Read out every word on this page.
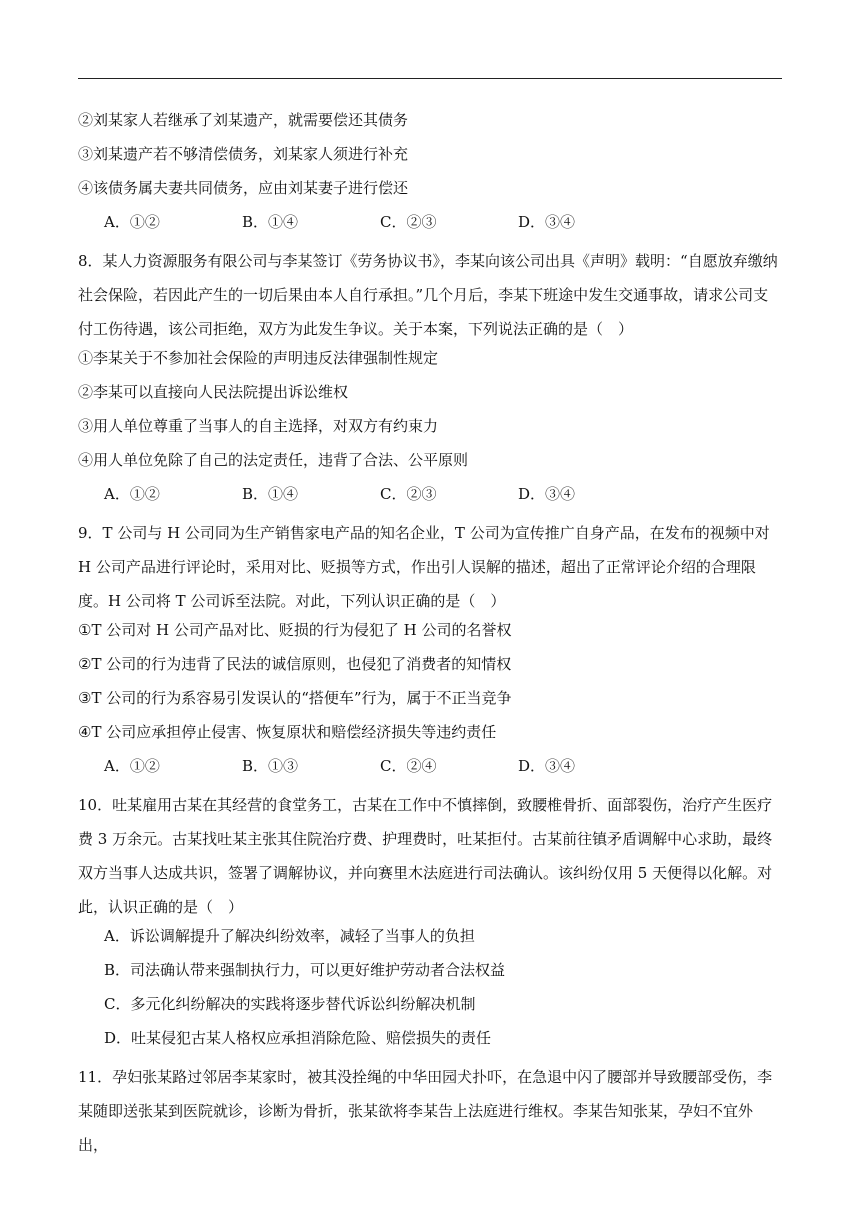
②刘某家人若继承了刘某遗产，就需要偿还其债务
③刘某遗产若不够清偿债务，刘某家人须进行补充
④该债务属夫妻共同债务，应由刘某妻子进行偿还
A．①②	B．①④	C．②③	D．③④

8．某人力资源服务有限公司与李某签订《劳务协议书》，李某向该公司出具《声明》载明：“自愿放弃缴纳社会保险，若因此产生的一切后果由本人自行承担。”几个月后，李某下班途中发生交通事故，请求公司支付工伤待遇，该公司拒绝，双方为此发生争议。关于本案，下列说法正确的是（　）

①李某关于不参加社会保险的声明违反法律强制性规定
②李某可以直接向人民法院提出诉讼维权
③用人单位尊重了当事人的自主选择，对双方有约束力
④用人单位免除了自己的法定责任，违背了合法、公平原则
A．①②	B．①④	C．②③	D．③④

9．T 公司与 H 公司同为生产销售家电产品的知名企业，T 公司为宣传推广自身产品，在发布的视频中对 H 公司产品进行评论时，采用对比、贬损等方式，作出引人误解的描述，超出了正常评论介绍的合理限度。H 公司将 T 公司诉至法院。对此，下列认识正确的是（　）

①T 公司对 H 公司产品对比、贬损的行为侵犯了 H 公司的名誉权
②T 公司的行为违背了民法的诚信原则，也侵犯了消费者的知情权
③T 公司的行为系容易引发误认的“搭便车”行为，属于不正当竞争
④T 公司应承担停止侵害、恢复原状和赔偿经济损失等违约责任
A．①②	B．①③	C．②④	D．③④

10．吐某雇用古某在其经营的食堂务工，古某在工作中不慎摔倒，致腰椎骨折、面部裂伤，治疗产生医疗费 3 万余元。古某找吐某主张其住院治疗费、护理费时，吐某拒付。古某前往镇矛盾调解中心求助，最终双方当事人达成共识，签署了调解协议，并向赛里木法庭进行司法确认。该纠纷仅用 5 天便得以化解。对此，认识正确的是（　）

A．诉讼调解提升了解决纠纷效率，减轻了当事人的负担
B．司法确认带来强制执行力，可以更好维护劳动者合法权益
C．多元化纠纷解决的实践将逐步替代诉讼纠纷解决机制
D．吐某侵犯古某人格权应承担消除危险、赔偿损失的责任

11．孕妇张某路过邻居李某家时，被其没拴绳的中华田园犬扑吓，在急退中闪了腰部并导致腰部受伤，李某随即送张某到医院就诊，诊断为骨折，张某欲将李某告上法庭进行维权。李某告知张某，孕妇不宜外出，
